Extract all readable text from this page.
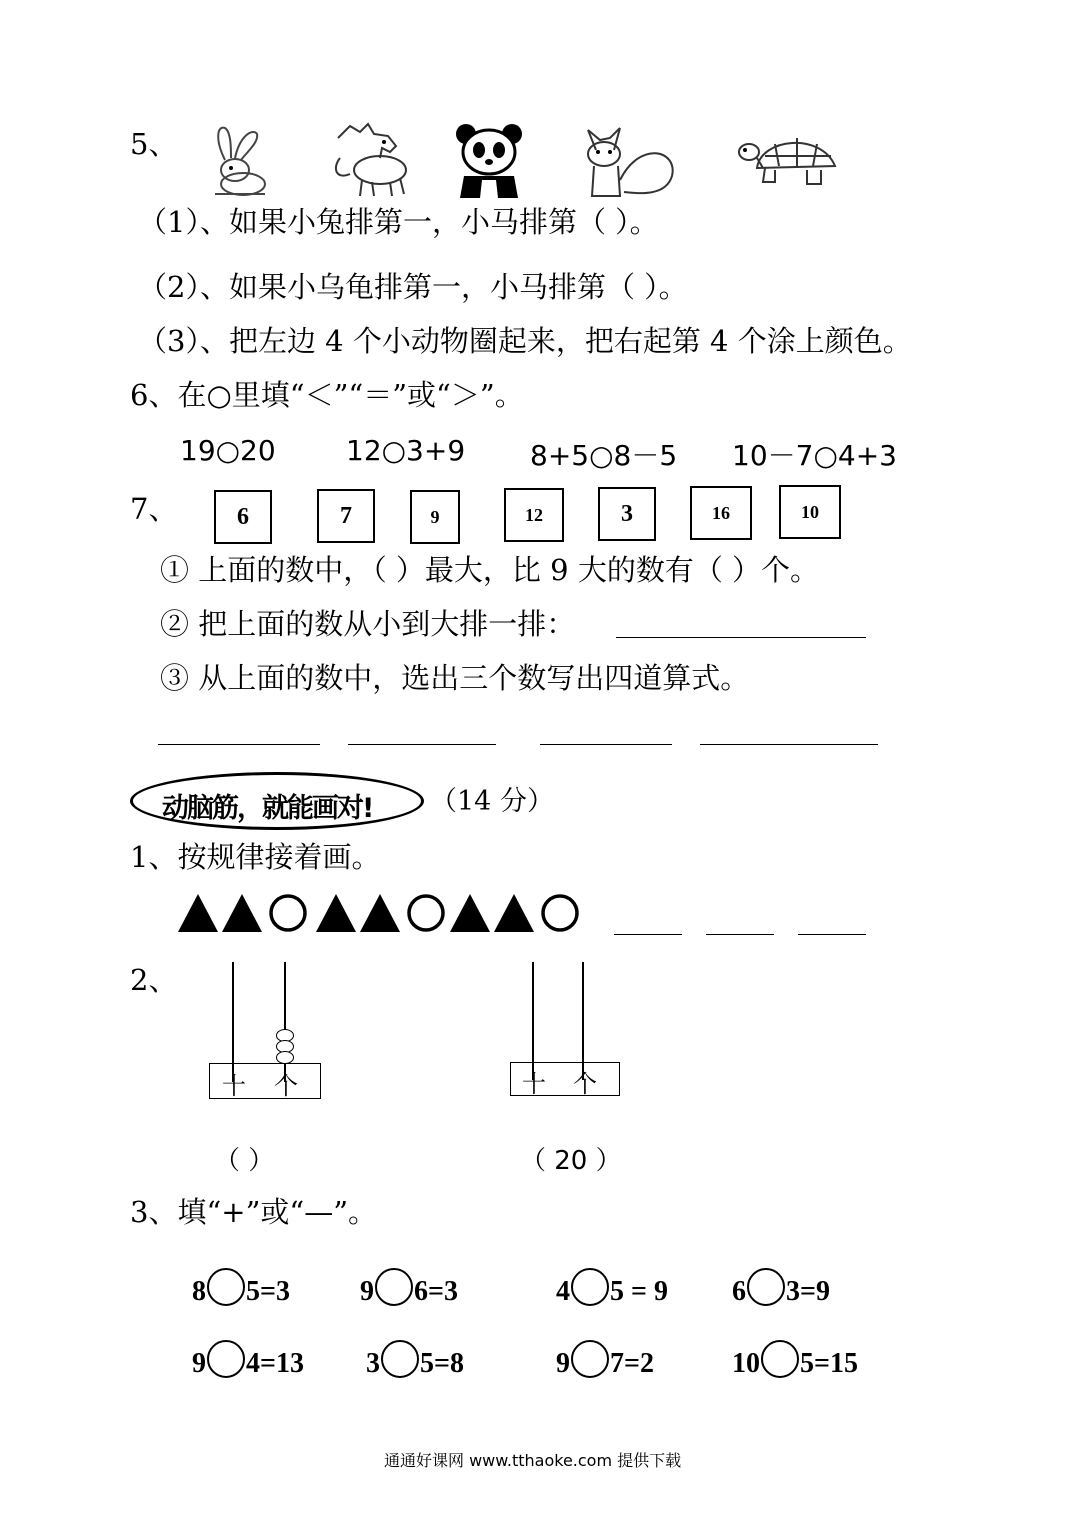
5、
（1）、如果小兔排第一，小马排第（ ）。
（2）、如果小乌龟排第一，小马排第（ ）。
（3）、把左边 4 个小动物圈起来，把右起第 4 个涂上颜色。
6、在○里填“＜”“＝”或“＞”。
19○20	12○3+9 8+5○8－5 10－7○4+3
7、	6	7	9	12	3	16	10
① 上面的数中，（ ）最大，比 9 大的数有（ ）个。
② 把上面的数从小到大排一排：
③ 从上面的数中，选出三个数写出四道算式。
动脑筋，就能画对! （14 分）
1、按规律接着画。
2、
十 个
（ ）
十 个
（ 20 ）
3、填“+”或“—”。
8 5=3	9 6=3	4 5 = 9 6 3=9
9 4=13 3 5=8	9 7=2	10 5=15
通通好课网 www.tthaoke.com 提供下载
